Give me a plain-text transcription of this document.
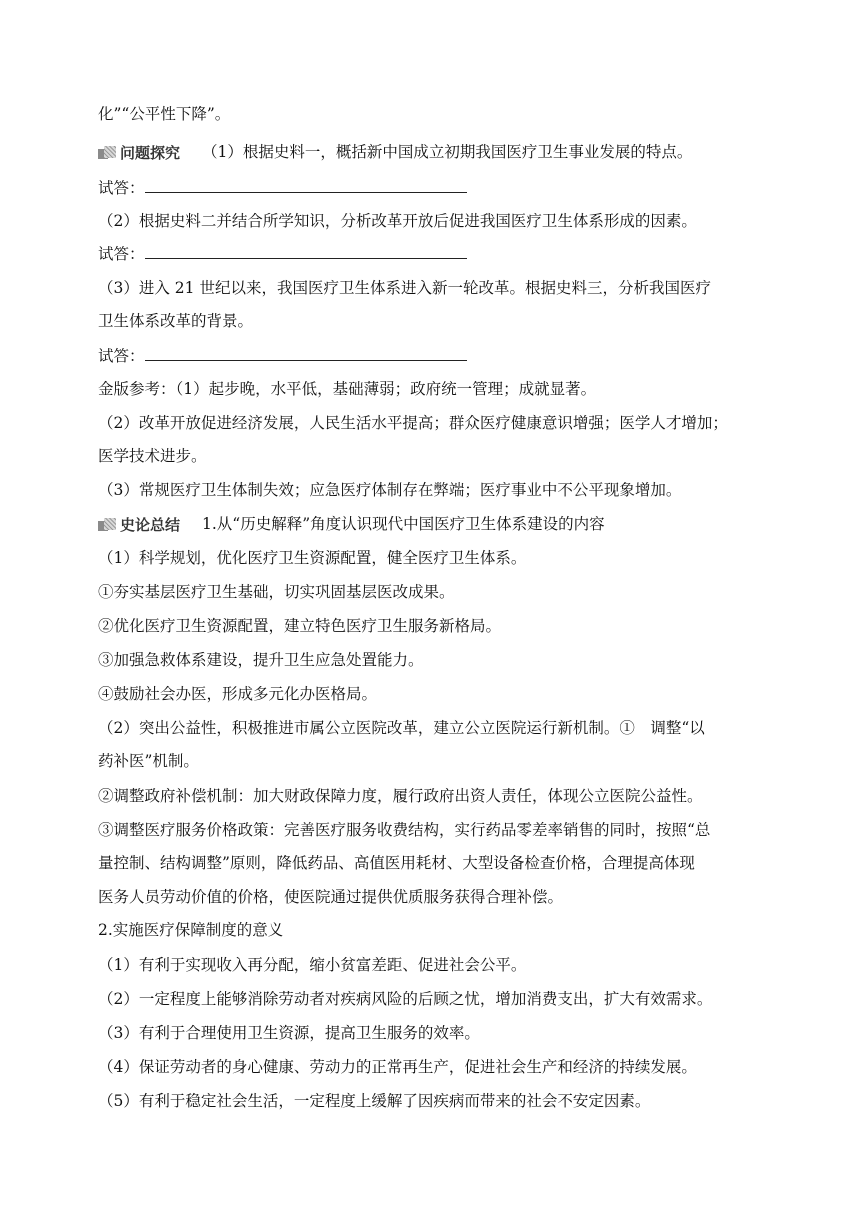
化”“公平性下降”。
问题探究 （1）根据史料一，概括新中国成立初期我国医疗卫生事业发展的特点。
试答：
（2）根据史料二并结合所学知识，分析改革开放后促进我国医疗卫生体系形成的因素。
试答：
（3）进入 21 世纪以来，我国医疗卫生体系进入新一轮改革。根据史料三，分析我国医疗
卫生体系改革的背景。
试答：
金版参考：（1）起步晚，水平低，基础薄弱；政府统一管理；成就显著。
（2）改革开放促进经济发展，人民生活水平提高；群众医疗健康意识增强；医学人才增加；
医学技术进步。
（3）常规医疗卫生体制失效；应急医疗体制存在弊端；医疗事业中不公平现象增加。
史论总结 1.从“历史解释”角度认识现代中国医疗卫生体系建设的内容
（1）科学规划，优化医疗卫生资源配置，健全医疗卫生体系。
①夯实基层医疗卫生基础，切实巩固基层医改成果。
②优化医疗卫生资源配置，建立特色医疗卫生服务新格局。
③加强急救体系建设，提升卫生应急处置能力。
④鼓励社会办医，形成多元化办医格局。
（2）突出公益性，积极推进市属公立医院改革，建立公立医院运行新机制。①　调整“以
药补医”机制。
②调整政府补偿机制：加大财政保障力度，履行政府出资人责任，体现公立医院公益性。
③调整医疗服务价格政策：完善医疗服务收费结构，实行药品零差率销售的同时，按照“总
量控制、结构调整”原则，降低药品、高值医用耗材、大型设备检查价格，合理提高体现
医务人员劳动价值的价格，使医院通过提供优质服务获得合理补偿。
2.实施医疗保障制度的意义
（1）有利于实现收入再分配，缩小贫富差距、促进社会公平。
（2）一定程度上能够消除劳动者对疾病风险的后顾之忧，增加消费支出，扩大有效需求。
（3）有利于合理使用卫生资源，提高卫生服务的效率。
（4）保证劳动者的身心健康、劳动力的正常再生产，促进社会生产和经济的持续发展。
（5）有利于稳定社会生活，一定程度上缓解了因疾病而带来的社会不安定因素。
